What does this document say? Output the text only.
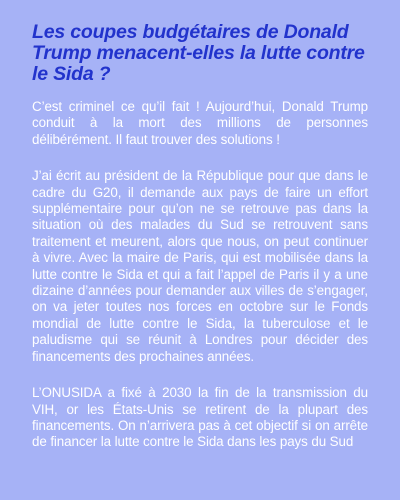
Les coupes budgétaires de Donald Trump menacent-elles la lutte contre le Sida ?

C’est criminel ce qu’il fait ! Aujourd’hui, Donald Trump conduit à la mort des millions de personnes délibérément. Il faut trouver des solutions !

J’ai écrit au président de la République pour que dans le cadre du G20, il demande aux pays de faire un effort supplémentaire pour qu’on ne se retrouve pas dans la situation où des malades du Sud se retrouvent sans traitement et meurent, alors que nous, on peut continuer à vivre. Avec la maire de Paris, qui est mobilisée dans la lutte contre le Sida et qui a fait l’appel de Paris il y a une dizaine d’années pour demander aux villes de s’engager, on va jeter toutes nos forces en octobre sur le Fonds mondial de lutte contre le Sida, la tuberculose et le paludisme qui se réunit à Londres pour décider des financements des prochaines années.

L’ONUSIDA a fixé à 2030 la fin de la transmission du VIH, or les États-Unis se retirent de la plupart des financements. On n’arrivera pas à cet objectif si on arrête de financer la lutte contre le Sida dans les pays du Sud
